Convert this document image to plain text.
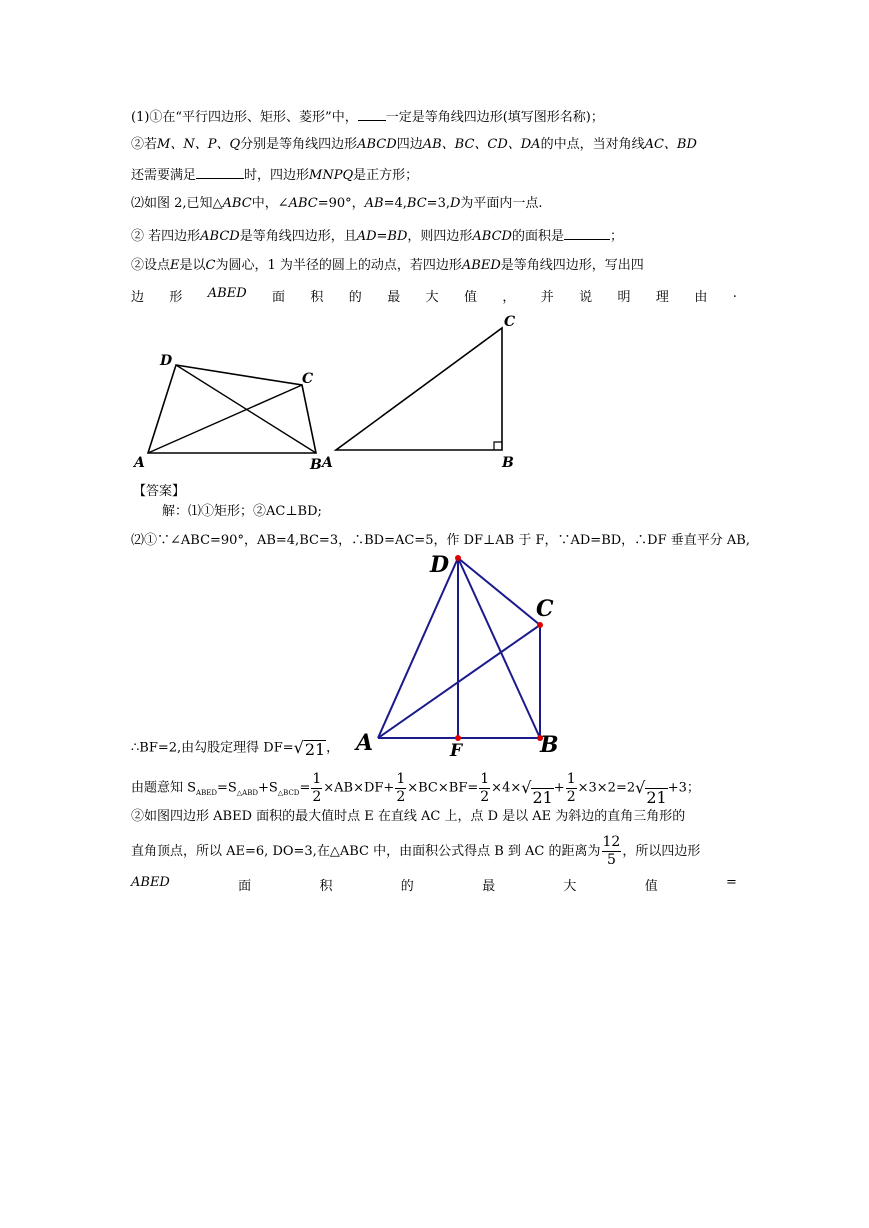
(1)①在“平行四边形、矩形、菱形”中， 一定是等角线四边形(填写图形名称)；
②若M、N、P、Q分别是等角线四边形ABCD四边AB、BC、CD、DA的中点，当对角线AC、BD
还需要满足	时，四边形MNPQ是正方形；
⑵如图 2,已知△ABC中，∠ABC=90°，AB=4,BC=3,D为平面内一点.
② 若四边形ABCD是等角线四边形，且AD=BD，则四边形ABCD的面积是	；
②设点E是以C为圆心，1 为半径的圆上的动点，若四边形ABED是等角线四边形，写出四
边 形 ABED 面 积 的 最 大 值 ， 并 说 明 理 由 .
A	B
C
D
A	B
C
【答案】
解：⑴①矩形；②AC⊥BD;
⑵①∵∠ABC=90°，AB=4,BC=3，∴BD=AC=5，作 DF⊥AB 于 F，∵AD=BD，∴DF 垂直平分 AB,
A	B
C
D
F
∴BF=2,由勾股定理得 DF=√ 21 ，
由题意知 $S_{ABED}=S_{\triangle ABD}+S_{\triangle BCD}= \frac{1}{2} \times AB\times DF+ \frac{1}{2} \times BC\times BF= \frac{1}{2} \times 4\times√$
$21 + \frac{1}{2} \times 3\times 2=2√$
21 +3；
②如图四边形 ABED 面积的最大值时点 E 在直线 AC 上，点 D 是以 AE 为斜边的直角三角形的
直角顶点，所以 AE=6, DO=3,在△ABC 中，由面积公式得点 B 到 AC 的距离为 $\frac{12}{5}$ ，所以四边形
ABED	面	积	的	最	大	值	=
